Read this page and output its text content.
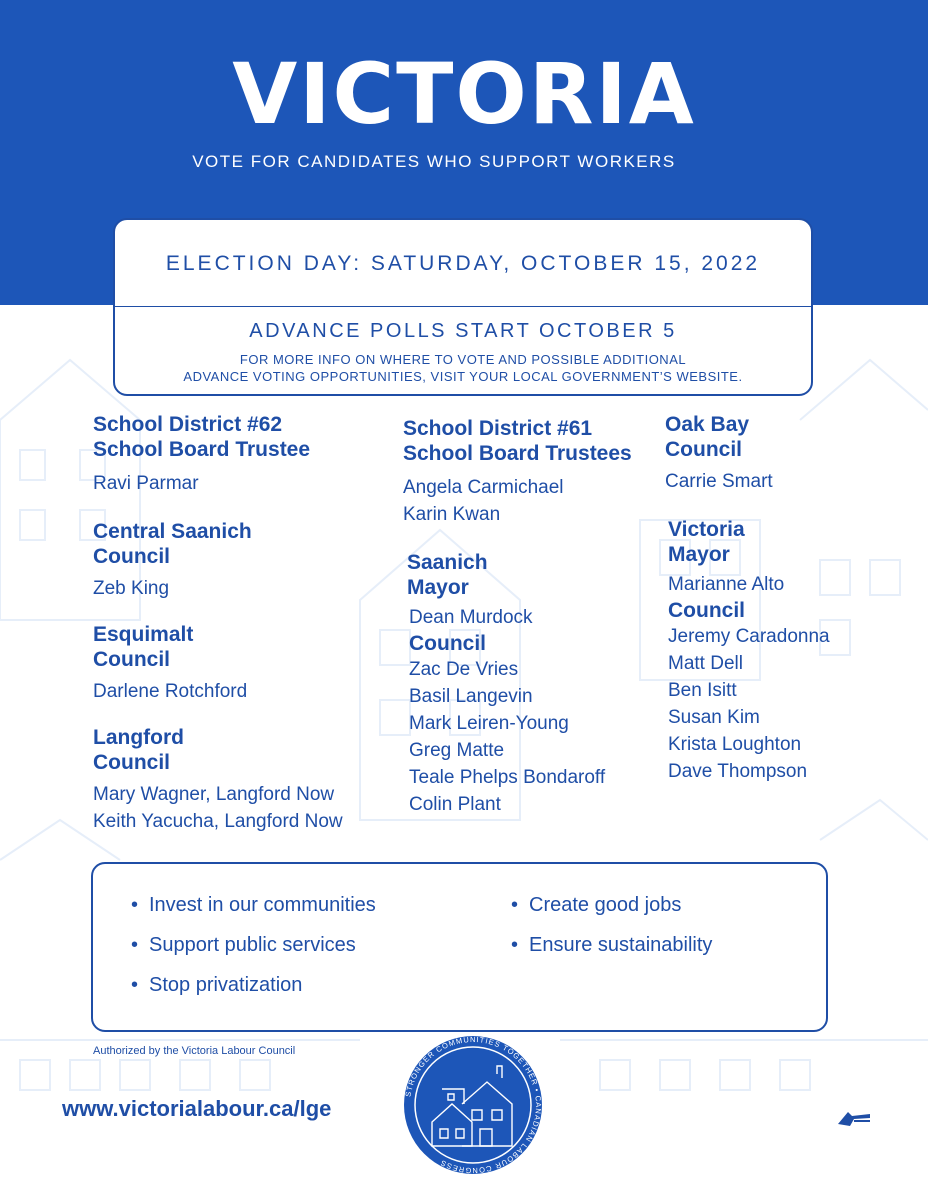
VICTORIA
VOTE FOR CANDIDATES WHO SUPPORT WORKERS
ELECTION DAY: SATURDAY, OCTOBER 15, 2022
ADVANCE POLLS START OCTOBER 5
FOR MORE INFO ON WHERE TO VOTE AND POSSIBLE ADDITIONAL
ADVANCE VOTING OPPORTUNITIES, VISIT YOUR LOCAL GOVERNMENT’S WEBSITE.
School District #62
School Board Trustee
Ravi Parmar
Central Saanich
Council
Zeb King
Esquimalt
Council
Darlene Rotchford
Langford
Council
Mary Wagner, Langford Now
Keith Yacucha, Langford Now
School District #61
School Board Trustees
Angela Carmichael
Karin Kwan
Saanich
Mayor
Dean Murdock
Council
Zac De Vries
Basil Langevin
Mark Leiren-Young
Greg Matte
Teale Phelps Bondaroff
Colin Plant
Oak Bay
Council
Carrie Smart
Victoria
Mayor
Marianne Alto
Council
Jeremy Caradonna
Matt Dell
Ben Isitt
Susan Kim
Krista Loughton
Dave Thompson
• Invest in our communities
• Support public services
• Stop privatization
• Create good jobs
• Ensure sustainability
Authorized by the Victoria Labour Council
www.victorialabour.ca/lge
STRONGER COMMUNITIES TOGETHER • CANADIAN LABOUR CONGRESS
